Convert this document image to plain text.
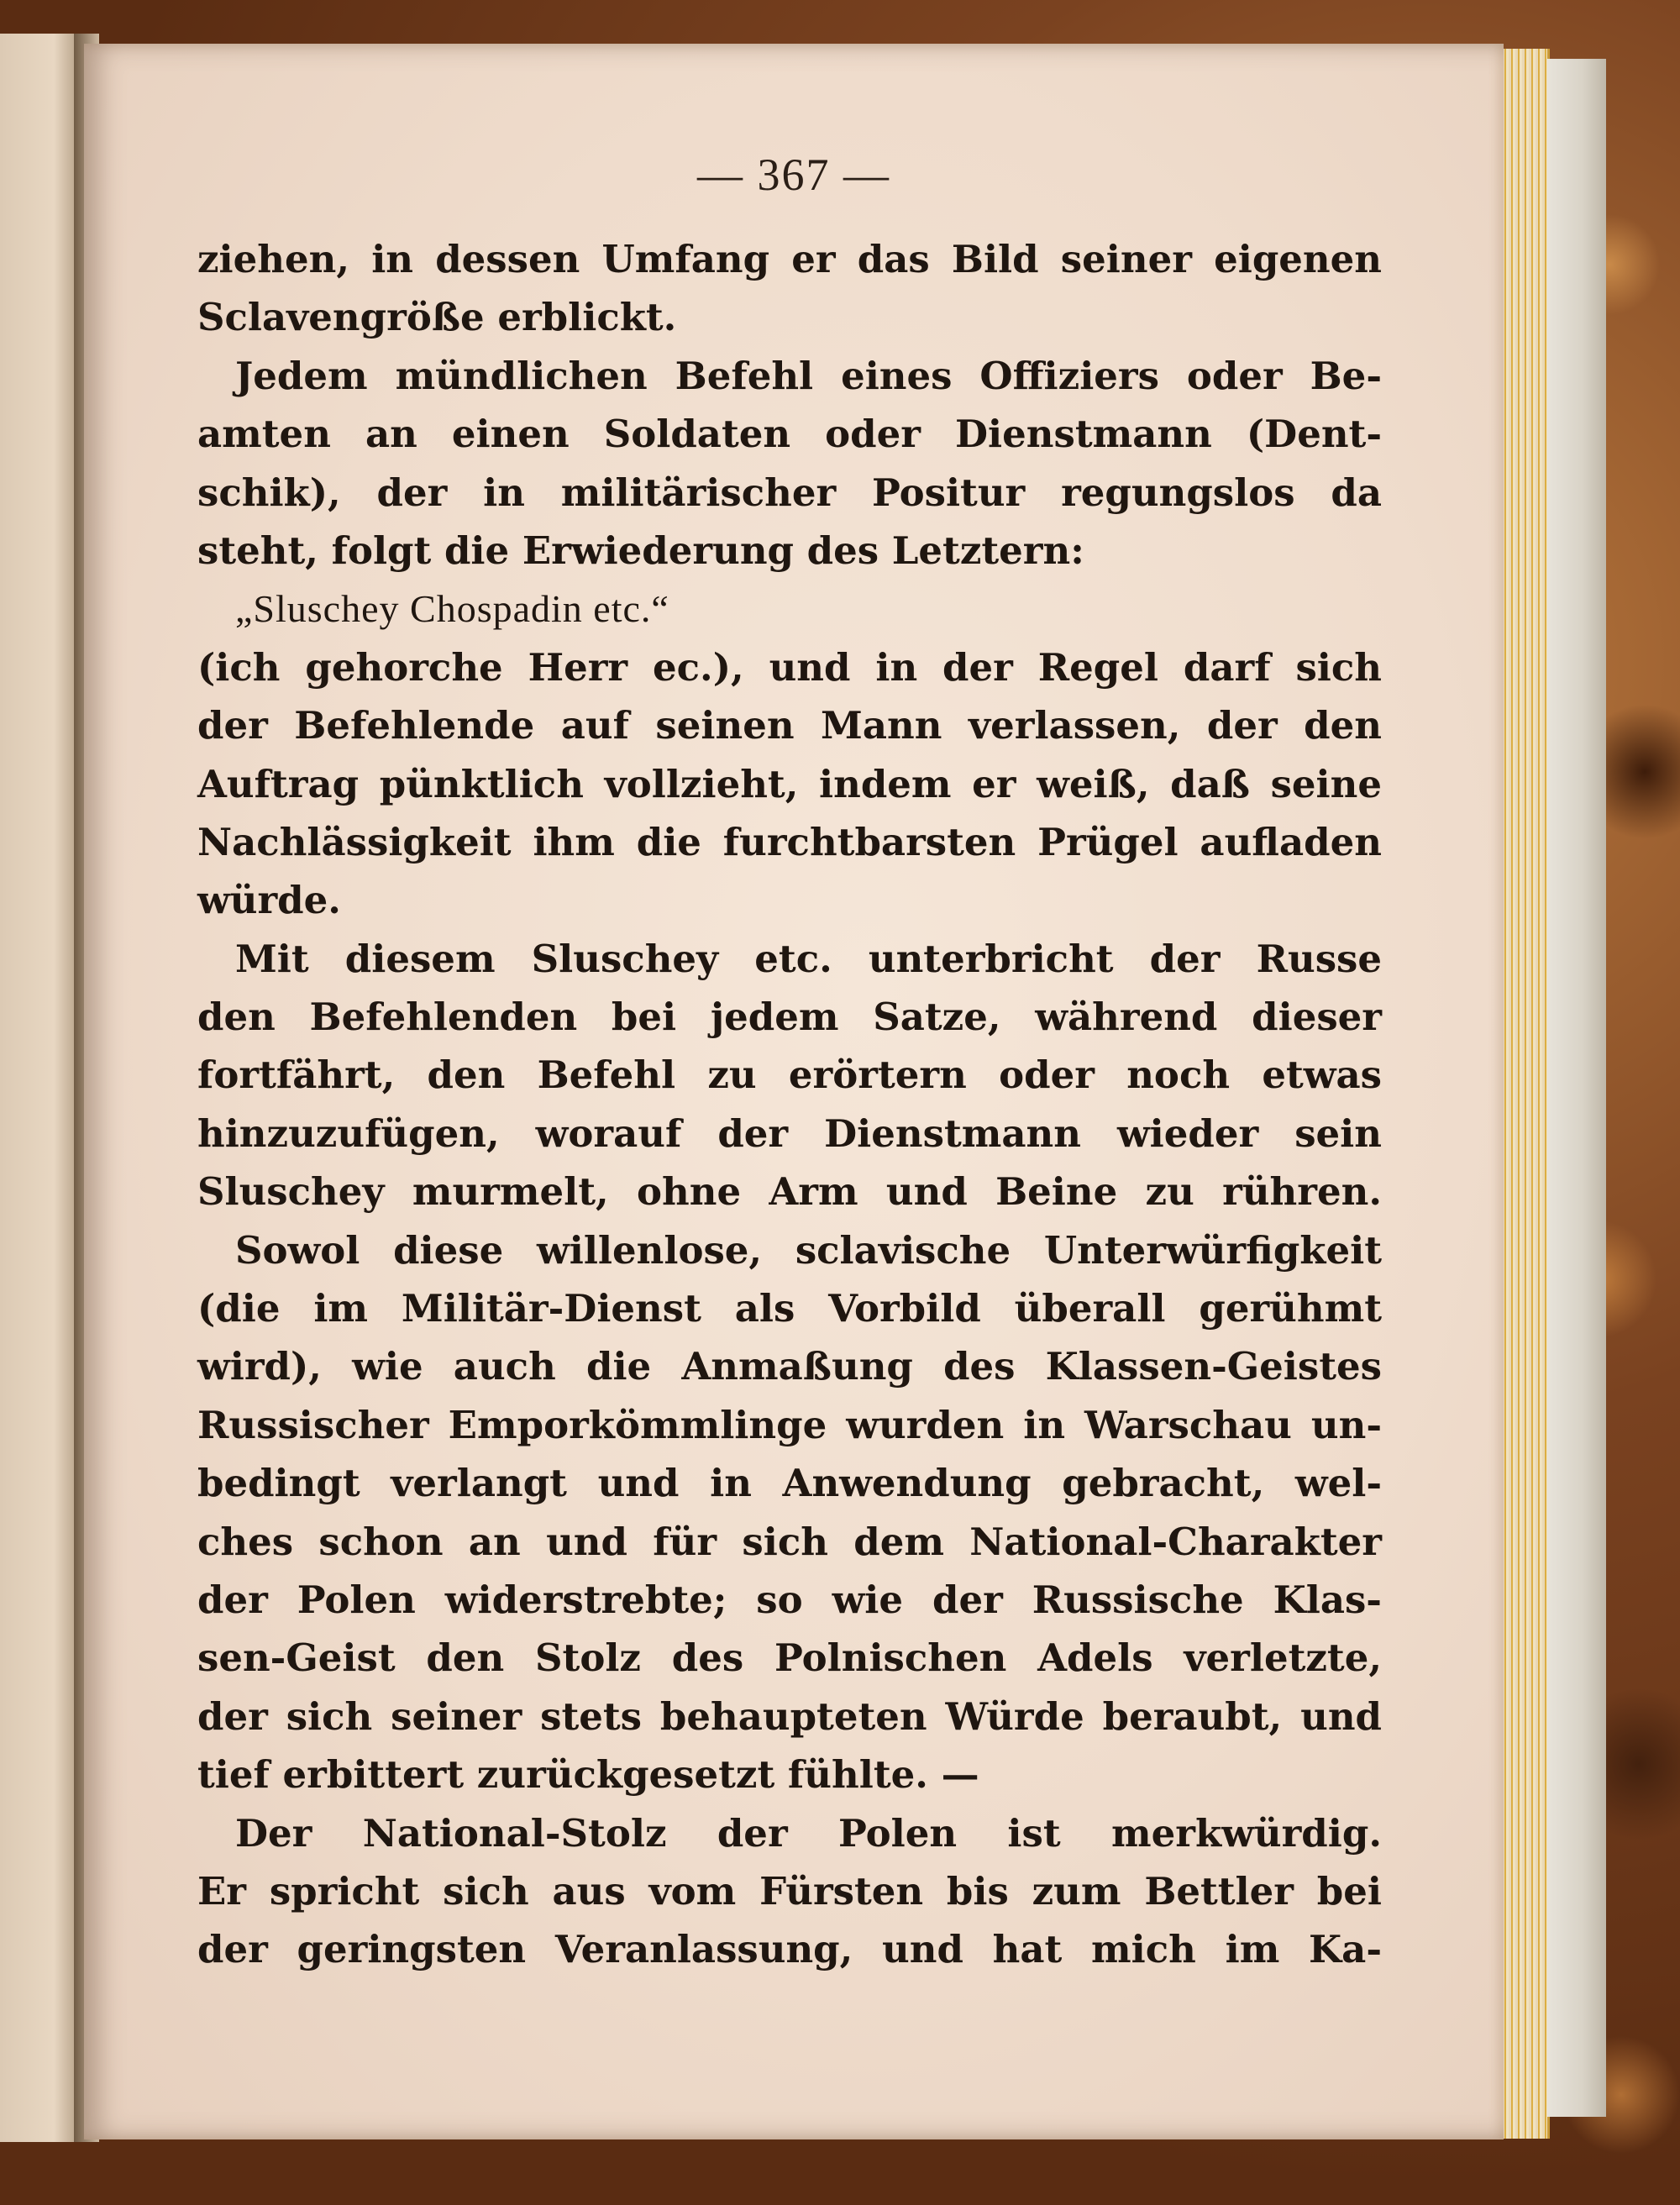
— 367 —
ziehen, in dessen Umfang er das Bild seiner eigenen
Sclavengröße erblickt.
Jedem mündlichen Befehl eines Offiziers oder Be-
amten an einen Soldaten oder Dienstmann (Dent-
schik), der in militärischer Positur regungslos da
steht, folgt die Erwiederung des Letztern:
„Sluschey Chospadin etc.“
(ich gehorche Herr ec.), und in der Regel darf sich
der Befehlende auf seinen Mann verlassen, der den
Auftrag pünktlich vollzieht, indem er weiß, daß seine
Nachlässigkeit ihm die furchtbarsten Prügel aufladen
würde.
Mit diesem Sluschey etc. unterbricht der Russe
den Befehlenden bei jedem Satze, während dieser
fortfährt, den Befehl zu erörtern oder noch etwas
hinzuzufügen, worauf der Dienstmann wieder sein
Sluschey murmelt, ohne Arm und Beine zu rühren.
Sowol diese willenlose, sclavische Unterwürfigkeit
(die im Militär-Dienst als Vorbild überall gerühmt
wird), wie auch die Anmaßung des Klassen-Geistes
Russischer Emporkömmlinge wurden in Warschau un-
bedingt verlangt und in Anwendung gebracht, wel-
ches schon an und für sich dem National-Charakter
der Polen widerstrebte; so wie der Russische Klas-
sen-Geist den Stolz des Polnischen Adels verletzte,
der sich seiner stets behaupteten Würde beraubt, und
tief erbittert zurückgesetzt fühlte. —
Der National-Stolz der Polen ist merkwürdig.
Er spricht sich aus vom Fürsten bis zum Bettler bei
der geringsten Veranlassung, und hat mich im Ka-
